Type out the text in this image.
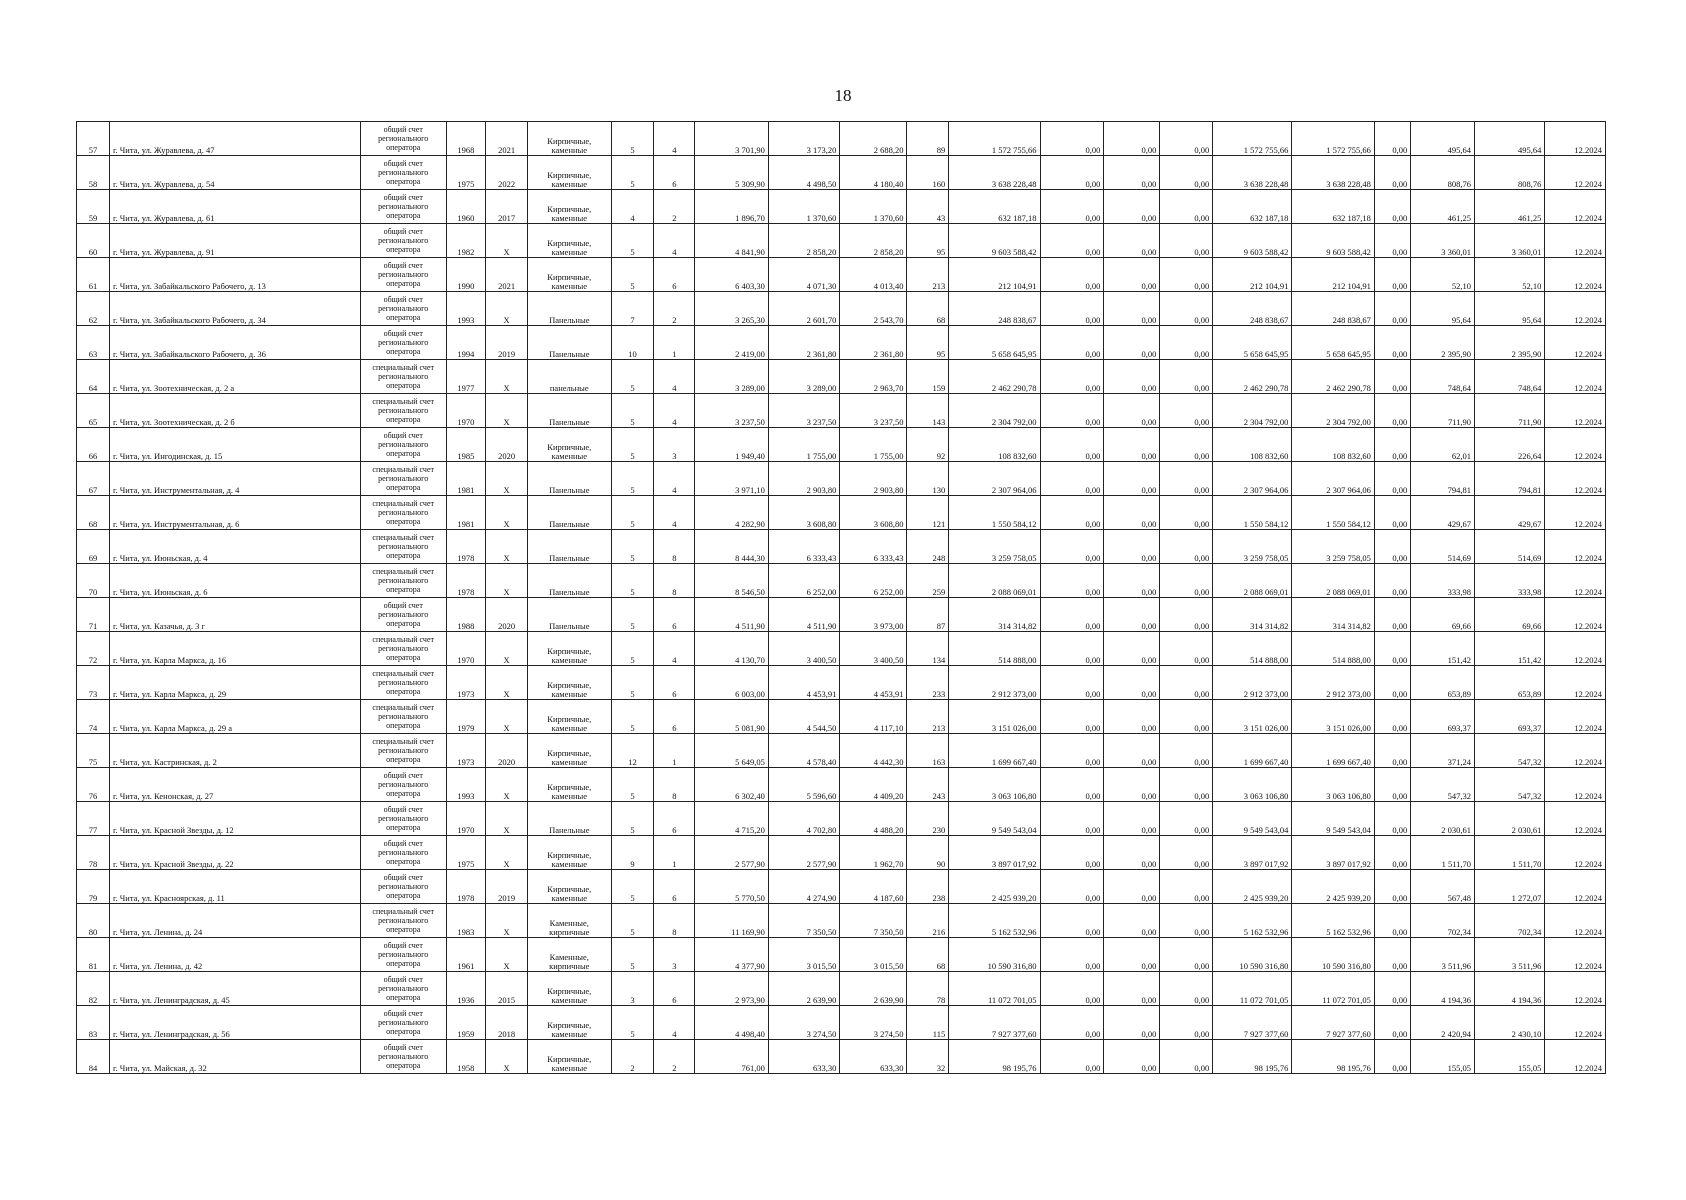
18
57	г. Чита, ул. Журавлева, д. 47	общий счет регионального оператора	1968	2021	Кирпичные, каменные	5	4	3 701,90	3 173,20	2 688,20	89	1 572 755,66	0,00	0,00	0,00	1 572 755,66	1 572 755,66	0,00	495,64	495,64	12.2024
58	г. Чита, ул. Журавлева, д. 54	общий счет регионального оператора	1975	2022	Кирпичные, каменные	5	6	5 309,90	4 498,50	4 180,40	160	3 638 228,48	0,00	0,00	0,00	3 638 228,48	3 638 228,48	0,00	808,76	808,76	12.2024
59	г. Чита, ул. Журавлева, д. 61	общий счет регионального оператора	1960	2017	Кирпичные, каменные	4	2	1 896,70	1 370,60	1 370,60	43	632 187,18	0,00	0,00	0,00	632 187,18	632 187,18	0,00	461,25	461,25	12.2024
60	г. Чита, ул. Журавлева, д. 91	общий счет регионального оператора	1982	X	Кирпичные, каменные	5	4	4 841,90	2 858,20	2 858,20	95	9 603 588,42	0,00	0,00	0,00	9 603 588,42	9 603 588,42	0,00	3 360,01	3 360,01	12.2024
61	г. Чита, ул. Забайкальского Рабочего, д. 13	общий счет регионального оператора	1990	2021	Кирпичные, каменные	5	6	6 403,30	4 071,30	4 013,40	213	212 104,91	0,00	0,00	0,00	212 104,91	212 104,91	0,00	52,10	52,10	12.2024
62	г. Чита, ул. Забайкальского Рабочего, д. 34	общий счет регионального оператора	1993	X	Панельные	7	2	3 265,30	2 601,70	2 543,70	68	248 838,67	0,00	0,00	0,00	248 838,67	248 838,67	0,00	95,64	95,64	12.2024
63	г. Чита, ул. Забайкальского Рабочего, д. 36	общий счет регионального оператора	1994	2019	Панельные	10	1	2 419,00	2 361,80	2 361,80	95	5 658 645,95	0,00	0,00	0,00	5 658 645,95	5 658 645,95	0,00	2 395,90	2 395,90	12.2024
64	г. Чита, ул. Зоотехническая, д. 2 а	специальный счет регионального оператора	1977	X	панельные	5	4	3 289,00	3 289,00	2 963,70	159	2 462 290,78	0,00	0,00	0,00	2 462 290,78	2 462 290,78	0,00	748,64	748,64	12.2024
65	г. Чита, ул. Зоотехническая, д. 2 б	специальный счет регионального оператора	1970	X	Панельные	5	4	3 237,50	3 237,50	3 237,50	143	2 304 792,00	0,00	0,00	0,00	2 304 792,00	2 304 792,00	0,00	711,90	711,90	12.2024
66	г. Чита, ул. Ингодинская, д. 15	общий счет регионального оператора	1985	2020	Кирпичные, каменные	5	3	1 949,40	1 755,00	1 755,00	92	108 832,60	0,00	0,00	0,00	108 832,60	108 832,60	0,00	62,01	226,64	12.2024
67	г. Чита, ул. Инструментальная, д. 4	специальный счет регионального оператора	1981	X	Панельные	5	4	3 971,10	2 903,80	2 903,80	130	2 307 964,06	0,00	0,00	0,00	2 307 964,06	2 307 964,06	0,00	794,81	794,81	12.2024
68	г. Чита, ул. Инструментальная, д. 6	специальный счет регионального оператора	1981	X	Панельные	5	4	4 282,90	3 608,80	3 608,80	121	1 550 584,12	0,00	0,00	0,00	1 550 584,12	1 550 584,12	0,00	429,67	429,67	12.2024
69	г. Чита, ул. Июньская, д. 4	специальный счет регионального оператора	1978	X	Панельные	5	8	8 444,30	6 333,43	6 333,43	248	3 259 758,05	0,00	0,00	0,00	3 259 758,05	3 259 758,05	0,00	514,69	514,69	12.2024
70	г. Чита, ул. Июньская, д. 6	специальный счет регионального оператора	1978	X	Панельные	5	8	8 546,50	6 252,00	6 252,00	259	2 088 069,01	0,00	0,00	0,00	2 088 069,01	2 088 069,01	0,00	333,98	333,98	12.2024
71	г. Чита, ул. Казачья, д. 3 г	общий счет регионального оператора	1988	2020	Панельные	5	6	4 511,90	4 511,90	3 973,00	87	314 314,82	0,00	0,00	0,00	314 314,82	314 314,82	0,00	69,66	69,66	12.2024
72	г. Чита, ул. Карла Маркса, д. 16	специальный счет регионального оператора	1970	X	Кирпичные, каменные	5	4	4 130,70	3 400,50	3 400,50	134	514 888,00	0,00	0,00	0,00	514 888,00	514 888,00	0,00	151,42	151,42	12.2024
73	г. Чита, ул. Карла Маркса, д. 29	специальный счет регионального оператора	1973	X	Кирпичные, каменные	5	6	6 003,00	4 453,91	4 453,91	233	2 912 373,00	0,00	0,00	0,00	2 912 373,00	2 912 373,00	0,00	653,89	653,89	12.2024
74	г. Чита, ул. Карла Маркса, д. 29 а	специальный счет регионального оператора	1979	X	Кирпичные, каменные	5	6	5 081,90	4 544,50	4 117,10	213	3 151 026,00	0,00	0,00	0,00	3 151 026,00	3 151 026,00	0,00	693,37	693,37	12.2024
75	г. Чита, ул. Кастринская, д. 2	специальный счет регионального оператора	1973	2020	Кирпичные, каменные	12	1	5 649,05	4 578,40	4 442,30	163	1 699 667,40	0,00	0,00	0,00	1 699 667,40	1 699 667,40	0,00	371,24	547,32	12.2024
76	г. Чита, ул. Кенонская, д. 27	общий счет регионального оператора	1993	X	Кирпичные, каменные	5	8	6 302,40	5 596,60	4 409,20	243	3 063 106,80	0,00	0,00	0,00	3 063 106,80	3 063 106,80	0,00	547,32	547,32	12.2024
77	г. Чита, ул. Красной Звезды, д. 12	общий счет регионального оператора	1970	X	Панельные	5	6	4 715,20	4 702,80	4 488,20	230	9 549 543,04	0,00	0,00	0,00	9 549 543,04	9 549 543,04	0,00	2 030,61	2 030,61	12.2024
78	г. Чита, ул. Красной Звезды, д. 22	общий счет регионального оператора	1975	X	Кирпичные, каменные	9	1	2 577,90	2 577,90	1 962,70	90	3 897 017,92	0,00	0,00	0,00	3 897 017,92	3 897 017,92	0,00	1 511,70	1 511,70	12.2024
79	г. Чита, ул. Красноярская, д. 11	общий счет регионального оператора	1978	2019	Кирпичные, каменные	5	6	5 770,50	4 274,90	4 187,60	238	2 425 939,20	0,00	0,00	0,00	2 425 939,20	2 425 939,20	0,00	567,48	1 272,07	12.2024
80	г. Чита, ул. Ленина, д. 24	специальный счет регионального оператора	1983	X	Каменные, кирпичные	5	8	11 169,90	7 350,50	7 350,50	216	5 162 532,96	0,00	0,00	0,00	5 162 532,96	5 162 532,96	0,00	702,34	702,34	12.2024
81	г. Чита, ул. Ленина, д. 42	общий счет регионального оператора	1961	X	Каменные, кирпичные	5	3	4 377,90	3 015,50	3 015,50	68	10 590 316,80	0,00	0,00	0,00	10 590 316,80	10 590 316,80	0,00	3 511,96	3 511,96	12.2024
82	г. Чита, ул. Ленинградская, д. 45	общий счет регионального оператора	1936	2015	Кирпичные, каменные	3	6	2 973,90	2 639,90	2 639,90	78	11 072 701,05	0,00	0,00	0,00	11 072 701,05	11 072 701,05	0,00	4 194,36	4 194,36	12.2024
83	г. Чита, ул. Ленинградская, д. 56	общий счет регионального оператора	1959	2018	Кирпичные, каменные	5	4	4 498,40	3 274,50	3 274,50	115	7 927 377,60	0,00	0,00	0,00	7 927 377,60	7 927 377,60	0,00	2 420,94	2 430,10	12.2024
84	г. Чита, ул. Майская, д. 32	общий счет регионального оператора	1958	X	Кирпичные, каменные	2	2	761,00	633,30	633,30	32	98 195,76	0,00	0,00	0,00	98 195,76	98 195,76	0,00	155,05	155,05	12.2024
